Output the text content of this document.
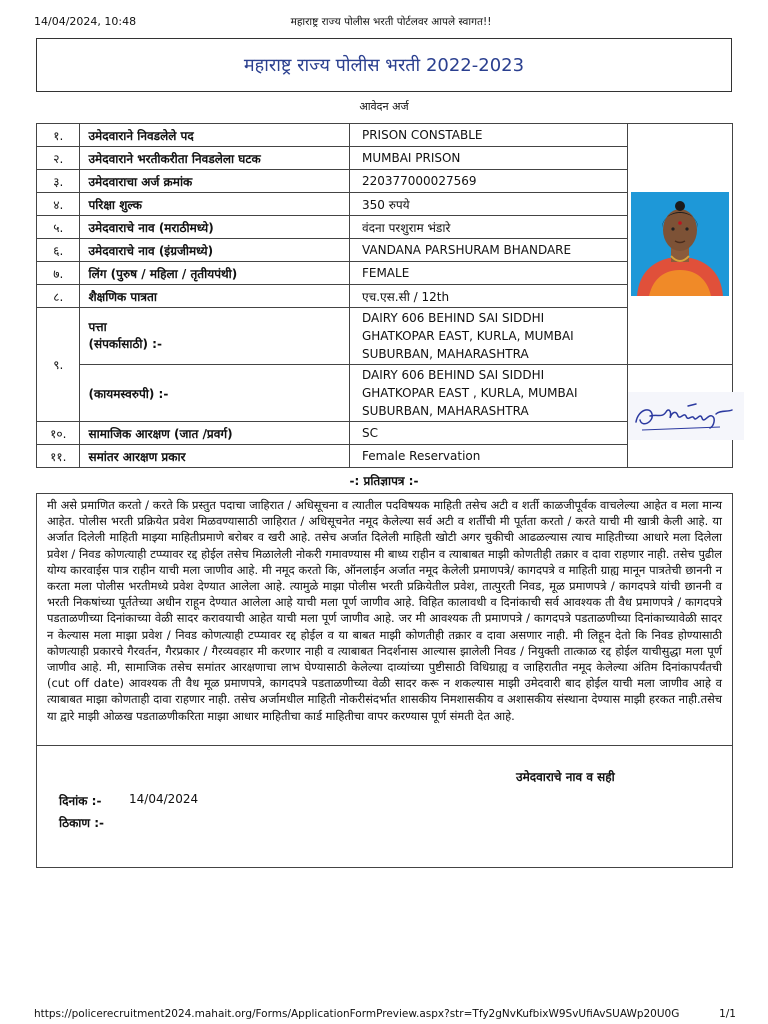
14/04/2024, 10:48	महाराष्ट्र राज्य पोलीस भरती पोर्टलवर आपले स्वागत!!
महाराष्ट्र राज्य पोलीस भरती 2022-2023
आवेदन अर्ज
१.	उमेदवाराने निवडलेले पद	PRISON CONSTABLE	

२.	उमेदवाराने भरतीकरीता निवडलेला घटक	MUMBAI PRISON	
३.	उमेदवाराचा अर्ज क्रमांक	220377000027569	
४.	परिक्षा शुल्क	350 रुपये	
५.	उमेदवाराचे नाव (मराठीमध्ये)	वंदना परशुराम भंडारे	
६.	उमेदवाराचे नाव (इंग्रजीमध्ये)	VANDANA PARSHURAM BHANDARE	
७.	लिंग (पुरुष / महिला / तृतीयपंथी)	FEMALE	
८.	शैक्षणिक पात्रता	एच.एस.सी / 12th	
९.	पत्ता
(संपर्कासाठी) :-	DAIRY 606 BEHIND SAI SIDDHI GHATKOPAR EAST, KURLA, MUMBAI SUBURBAN, MAHARASHTRA	
	(कायमस्वरुपी) :-	DAIRY 606 BEHIND SAI SIDDHI GHATKOPAR EAST , KURLA, MUMBAI SUBURBAN, MAHARASHTRA	

१०.	सामाजिक आरक्षण (जात /प्रवर्ग)	SC	
११.	समांतर आरक्षण प्रकार	Female Reservation	
-: प्रतिज्ञापत्र :-
मी असे प्रमाणित करतो / करते कि प्रस्तुत पदाचा जाहिरात / अधिसूचना व त्यातील पदविषयक माहिती तसेच अटी व शर्ती काळजीपूर्वक वाचलेल्या आहेत व मला मान्य आहेत. पोलीस भरती प्रक्रियेत प्रवेश मिळवण्यासाठी जाहिरात / अधिसूचनेत नमूद केलेल्या सर्व अटी व शर्तींची मी पूर्तता करतो / करते याची मी खात्री केली आहे. या अर्जात दिलेली माहिती माझ्या माहितीप्रमाणे बरोबर व खरी आहे. तसेच अर्जात दिलेली माहिती खोटी अगर चुकीची आढळल्यास त्याच माहितीच्या आधारे मला दिलेला प्रवेश / निवड कोणत्याही टप्प्यावर रद्द होईल तसेच मिळालेली नोकरी गमावण्यास मी बाध्य राहीन व त्याबाबत माझी कोणतीही तक्रार व दावा राहणार नाही. तसेच पुढील योग्य कारवाईस पात्र राहीन याची मला जाणीव आहे. मी नमूद करतो कि, ऑनलाईन अर्जात नमूद केलेली प्रमाणपत्रे/ कागदपत्रे व माहिती ग्राह्य मानून पात्रतेची छाननी न करता मला पोलीस भरतीमध्ये प्रवेश देण्यात आलेला आहे. त्यामुळे माझा पोलीस भरती प्रक्रियेतील प्रवेश, तात्पुरती निवड, मूळ प्रमाणपत्रे / कागदपत्रे यांची छाननी व भरती निकषांच्या पूर्ततेच्या अधीन राहून देण्यात आलेला आहे याची मला पूर्ण जाणीव आहे. विहित कालावधी व दिनांकाची सर्व आवश्यक ती वैध प्रमाणपत्रे / कागदपत्रे पडताळणीच्या दिनांकाच्या वेळी सादर करावयाची आहेत याची मला पूर्ण जाणीव आहे. जर मी आवश्यक ती प्रमाणपत्रे / कागदपत्रे पडताळणीच्या दिनांकाच्यावेळी सादर न केल्यास मला माझा प्रवेश / निवड कोणत्याही टप्प्यावर रद्द होईल व या बाबत माझी कोणतीही तक्रार व दावा असणार नाही. मी लिहून देतो कि निवड होण्यासाठी कोणत्याही प्रकारचे गैरवर्तन, गैरप्रकार / गैरव्यवहार मी करणार नाही व त्याबाबत निदर्शनास आल्यास झालेली निवड / नियुक्ती तात्काळ रद्द होईल याचीसुद्धा मला पूर्ण जाणीव आहे. मी, सामाजिक तसेच समांतर आरक्षणाचा लाभ घेण्यासाठी केलेल्या दाव्यांच्या पुष्टीसाठी विधिग्राह्य व जाहिरातीत नमूद केलेल्या अंतिम दिनांकापर्यंतची (cut off date) आवश्यक ती वैध मूळ प्रमाणपत्रे, कागदपत्रे पडताळणीच्या वेळी सादर करू न शकल्यास माझी उमेदवारी बाद होईल याची मला जाणीव आहे व त्याबाबत माझा कोणताही दावा राहणार नाही. तसेच अर्जामधील माहिती नोकरीसंदर्भात शासकीय निमशासकीय व अशासकीय संस्थाना देण्यास माझी हरकत नाही.तसेच या द्वारे माझी ओळख पडताळणीकरिता माझा आधार माहितीचा कार्ड माहितीचा वापर करण्यास पूर्ण संमती देत आहे.
उमेदवाराचे नाव व सही
दिनांक :- 14/04/2024
ठिकाण :-
https://policerecruitment2024.mahait.org/Forms/ApplicationFormPreview.aspx?str=Tfy2gNvKufbixW9SvUfiAvSUAWp20U0G	1/1
